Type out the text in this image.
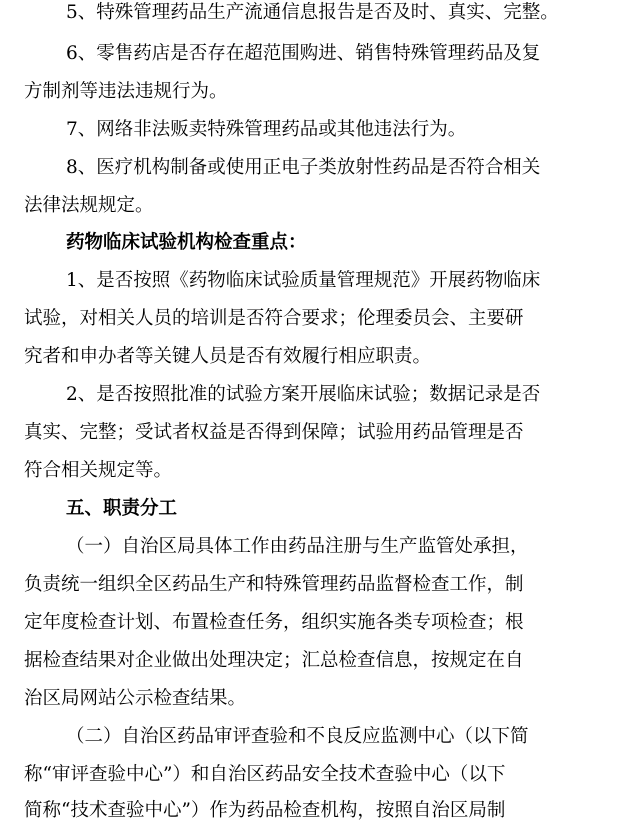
5、特殊管理药品生产流通信息报告是否及时、真实、完整。
6、零售药店是否存在超范围购进、销售特殊管理药品及复
方制剂等违法违规行为。
7、网络非法贩卖特殊管理药品或其他违法行为。
8、医疗机构制备或使用正电子类放射性药品是否符合相关
法律法规规定。
药物临床试验机构检查重点：
1、是否按照《药物临床试验质量管理规范》开展药物临床
试验，对相关人员的培训是否符合要求；伦理委员会、主要研
究者和申办者等关键人员是否有效履行相应职责。
2、是否按照批准的试验方案开展临床试验；数据记录是否
真实、完整；受试者权益是否得到保障；试验用药品管理是否
符合相关规定等。
五、职责分工
（一）自治区局具体工作由药品注册与生产监管处承担，
负责统一组织全区药品生产和特殊管理药品监督检查工作，制
定年度检查计划、布置检查任务，组织实施各类专项检查；根
据检查结果对企业做出处理决定；汇总检查信息，按规定在自
治区局网站公示检查结果。
（二）自治区药品审评查验和不良反应监测中心（以下简
称“审评查验中心”）和自治区药品安全技术查验中心（以下
简称“技术查验中心”）作为药品检查机构，按照自治区局制
